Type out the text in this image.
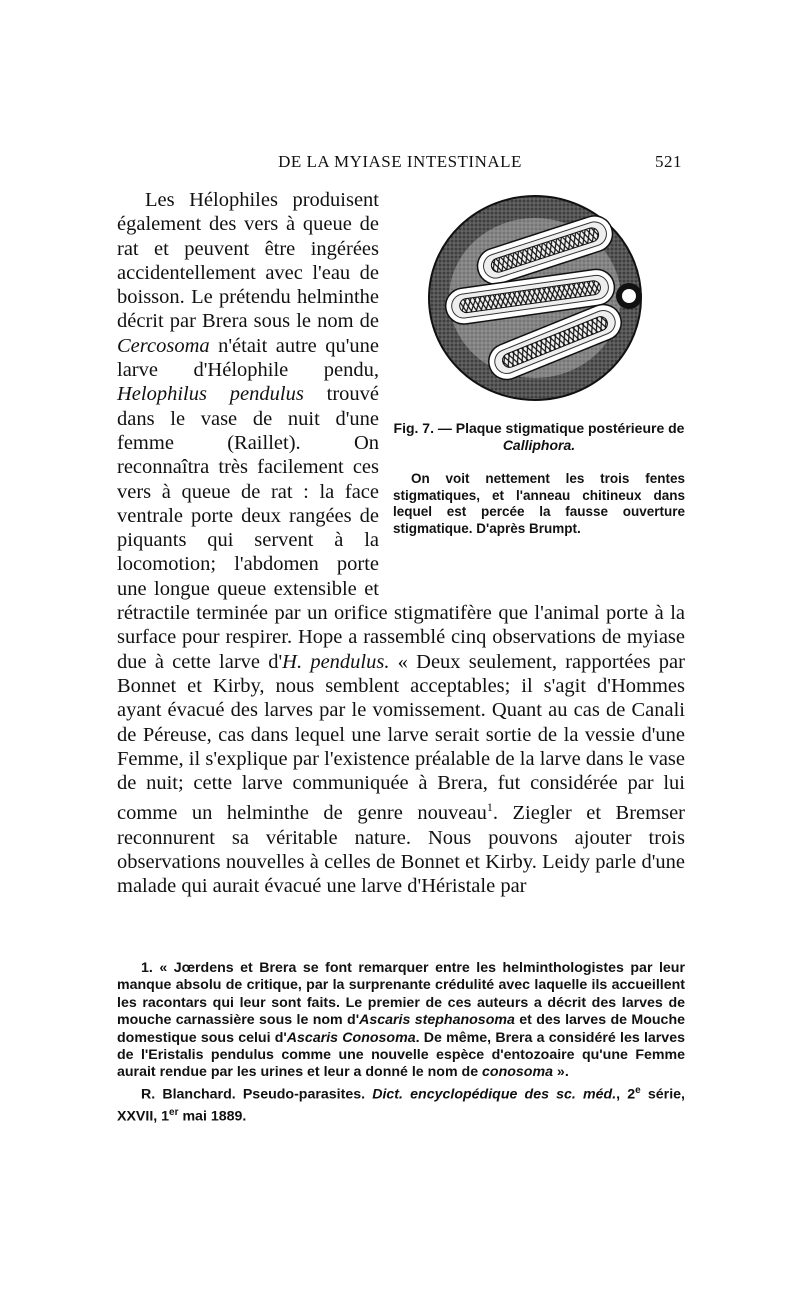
DE LA MYIASE INTESTINALE	521
Fig. 7. — Plaque stigmatique postérieure de Calliphora.
On voit nettement les trois fentes stigmatiques, et l'anneau chitineux dans lequel est percée la fausse ouverture stigmatique. D'après Brumpt.

Les Hélophiles produisent également des vers à queue de rat et peuvent être ingérées accidentellement avec l'eau de boisson. Le prétendu helminthe décrit par Brera sous le nom de Cercosoma n'était autre qu'une larve d'Hélophile pendu, Helophilus pendulus trouvé dans le vase de nuit d'une femme (Raillet). On reconnaîtra très facilement ces vers à queue de rat : la face ventrale porte deux rangées de piquants qui servent à la locomotion; l'abdomen porte une longue queue extensible et rétractile terminée par un orifice stigmatifère que l'animal porte à la surface pour respirer. Hope a rassemblé cinq observations de myiase due à cette larve d'H. pendulus. « Deux seulement, rapportées par Bonnet et Kirby, nous semblent acceptables; il s'agit d'Hommes ayant évacué des larves par le vomissement. Quant au cas de Canali de Péreuse, cas dans lequel une larve serait sortie de la vessie d'une Femme, il s'explique par l'existence préalable de la larve dans le vase de nuit; cette larve communiquée à Brera, fut considérée par lui comme un helminthe de genre nouveau$^1$. Ziegler et Bremser reconnurent sa véritable nature. Nous pouvons ajouter trois observations nouvelles à celles de Bonnet et Kirby. Leidy parle d'une malade qui aurait évacué une larve d'Héristale par

1. « Jœrdens et Brera se font remarquer entre les helminthologistes par leur manque absolu de critique, par la surprenante crédulité avec laquelle ils accueillent les racontars qui leur sont faits. Le premier de ces auteurs a décrit des larves de mouche carnassière sous le nom d'Ascaris stephanosoma et des larves de Mouche domestique sous celui d'Ascaris Conosoma. De même, Brera a considéré les larves de l'Eristalis pendulus comme une nouvelle espèce d'entozoaire qu'une Femme aurait rendue par les urines et leur a donné le nom de conosoma ».

R. Blanchard. Pseudo-parasites. Dict. encyclopédique des sc. méd., 2e série, XXVII, 1er mai 1889.
